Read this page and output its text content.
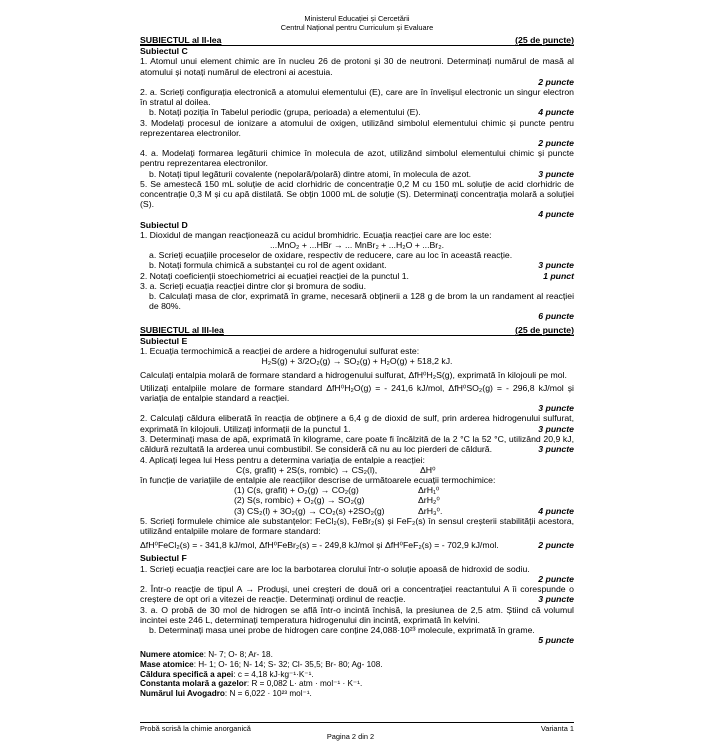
Ministerul Educației și Cercetării
Centrul Național pentru Curriculum și Evaluare
SUBIECTUL al II-lea	(25 de puncte)
Subiectul C
1. Atomul unui element chimic are în nucleu 26 de protoni și 30 de neutroni. Determinați numărul de masă al atomului și notați numărul de electroni ai acestuia.
2 puncte
2. a. Scrieți configurația electronică a atomului elementului (E), care are în învelișul electronic un singur electron în stratul al doilea.
b. Notați poziția în Tabelul periodic (grupa, perioada) a elementului (E).	4 puncte
3. Modelați procesul de ionizare a atomului de oxigen, utilizând simbolul elementului chimic și puncte pentru reprezentarea electronilor.
2 puncte
4. a. Modelați formarea legăturii chimice în molecula de azot, utilizând simbolul elementului chimic și puncte pentru reprezentarea electronilor.
b. Notați tipul legăturii covalente (nepolară/polară) dintre atomi, în molecula de azot.	3 puncte
5. Se amestecă 150 mL soluție de acid clorhidric de concentrație 0,2 M cu 150 mL soluție de acid clorhidric de concentrație 0,3 M și cu apă distilată. Se obțin 1000 mL de soluție (S). Determinați concentrația molară a soluției (S).
4 puncte
Subiectul D
1. Dioxidul de mangan reacționează cu acidul bromhidric. Ecuația reacției care are loc este:
...MnO₂ + ...HBr → ... MnBr₂ + ...H₂O + ...Br₂.
a. Scrieți ecuațiile proceselor de oxidare, respectiv de reducere, care au loc în această reacție.
b. Notați formula chimică a substanței cu rol de agent oxidant.	3 puncte
2. Notați coeficienții stoechiometrici ai ecuației reacției de la punctul 1.	1 punct
3. a. Scrieți ecuația reacției dintre clor și bromura de sodiu.
b. Calculați masa de clor, exprimată în grame, necesară obținerii a 128 g de brom la un randament al reacției de 80%.
6 puncte
SUBIECTUL al III-lea	(25 de puncte)
Subiectul E
1. Ecuația termochimică a reacției de ardere a hidrogenului sulfurat este:
H₂S(g) + 3/2O₂(g) → SO₂(g) + H₂O(g) + 518,2 kJ.
Calculați entalpia molară de formare standard a hidrogenului sulfurat, ΔfH⁰H₂S(g), exprimată în kilojouli pe mol.
Utilizați entalpiile molare de formare standard ΔfH⁰H₂O(g) = - 241,6 kJ/mol, ΔfH⁰SO₂(g) = - 296,8 kJ/mol și variația de entalpie standard a reacției.
3 puncte
2. Calculați căldura eliberată în reacția de obținere a 6,4 g de dioxid de sulf, prin arderea hidrogenului sulfurat, exprimată în kilojouli. Utilizați informații de la punctul 1.	3 puncte
3. Determinați masa de apă, exprimată în kilograme, care poate fi încălzită de la 2 °C la 52 °C, utilizând 20,9 kJ, căldură rezultată la arderea unui combustibil. Se consideră că nu au loc pierderi de căldură.	3 puncte
4. Aplicați legea lui Hess pentru a determina variația de entalpie a reacției:
C(s, grafit) + 2S(s, rombic) → CS₂(l),	ΔH⁰
în funcție de variațiile de entalpie ale reacțiilor descrise de următoarele ecuații termochimice:
(1) C(s, grafit) + O₂(g) → CO₂(g)	ΔrH₁⁰
(2) S(s, rombic) + O₂(g) → SO₂(g)	ΔrH₂⁰
(3) CS₂(l) + 3O₂(g) → CO₂(s) +2SO₂(g)	ΔrH₃⁰.	4 puncte
5. Scrieți formulele chimice ale substanțelor: FeCl₂(s), FeBr₂(s) și FeF₂(s) în sensul creșterii stabilității acestora, utilizând entalpiile molare de formare standard:
ΔfH⁰FeCl₂(s) = - 341,8 kJ/mol, ΔfH⁰FeBr₂(s) = - 249,8 kJ/mol și ΔfH⁰FeF₂(s) = - 702,9 kJ/mol.	2 puncte
Subiectul F
1. Scrieți ecuația reacției care are loc la barbotarea clorului într-o soluție apoasă de hidroxid de sodiu.
2 puncte
2. Într-o reacție de tipul A → Produși, unei creșteri de două ori a concentrației reactantului A îi corespunde o creștere de opt ori a vitezei de reacție. Determinați ordinul de reacție.	3 puncte
3. a. O probă de 30 mol de hidrogen se află într-o incintă închisă, la presiunea de 2,5 atm. Știind că volumul incintei este 246 L, determinați temperatura hidrogenului din incintă, exprimată în kelvini.
b. Determinați masa unei probe de hidrogen care conține 24,088·10²³ molecule, exprimată în grame.
5 puncte
Numere atomice: N- 7; O- 8; Ar- 18.
Mase atomice: H- 1; O- 16; N- 14; S- 32; Cl- 35,5; Br- 80; Ag- 108.
Căldura specifică a apei: c = 4,18 kJ·kg⁻¹·K⁻¹.
Constanta molară a gazelor: R = 0,082 L· atm · mol⁻¹ · K⁻¹.
Numărul lui Avogadro: N = 6,022 · 10²³ mol⁻¹.
Probă scrisă la chimie anorganică	Varianta 1
Pagina 2 din 2
